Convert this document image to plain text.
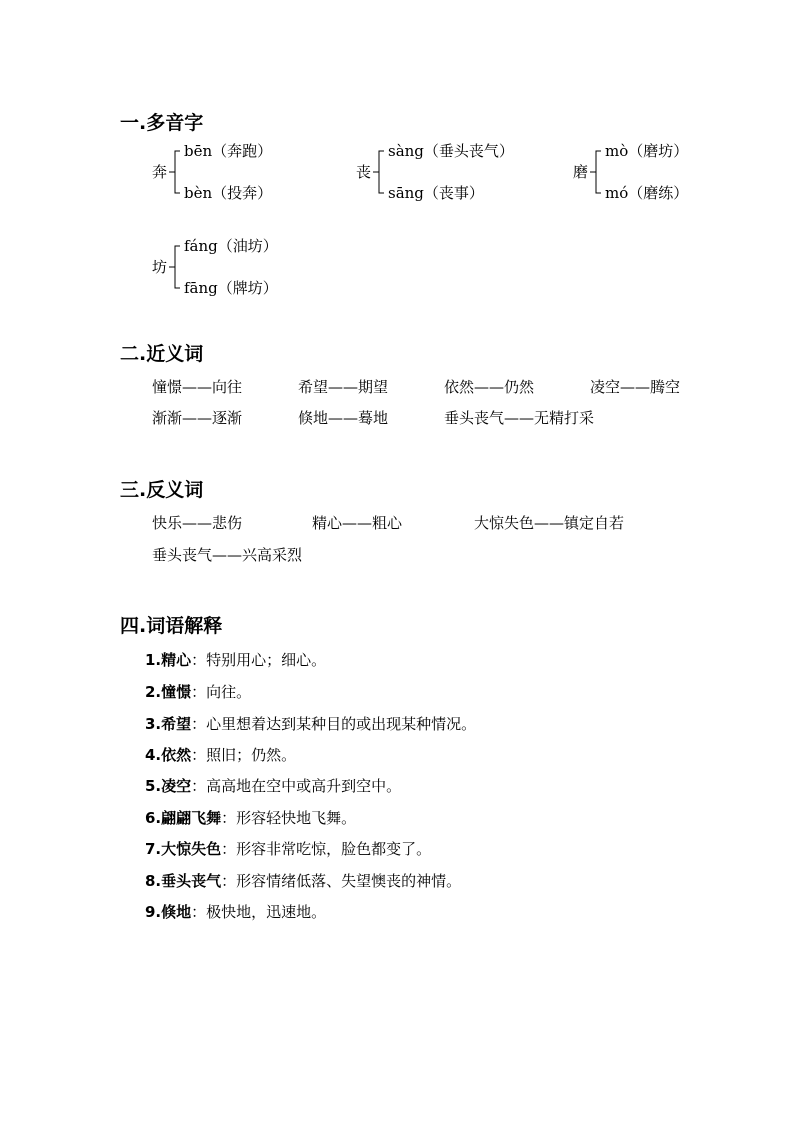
一.多音字
奔
bēn（奔跑）
bèn（投奔）
丧
sàng（垂头丧气）
sāng（丧事）
磨
mò（磨坊）
mó（磨练）
坊
fáng（油坊）
fāng（牌坊）
二.近义词
憧憬——向往	希望——期望	依然——仍然	凌空——腾空
渐渐——逐渐	倏地——蓦地	垂头丧气——无精打采
三.反义词
快乐——悲伤	精心——粗心	大惊失色——镇定自若
垂头丧气——兴高采烈
四.词语解释
1.精心：特别用心；细心。
2.憧憬：向往。
3.希望：心里想着达到某种目的或出现某种情况。
4.依然：照旧；仍然。
5.凌空：高高地在空中或高升到空中。
6.翩翩飞舞：形容轻快地飞舞。
7.大惊失色：形容非常吃惊，脸色都变了。
8.垂头丧气：形容情绪低落、失望懊丧的神情。
9.倏地：极快地，迅速地。
